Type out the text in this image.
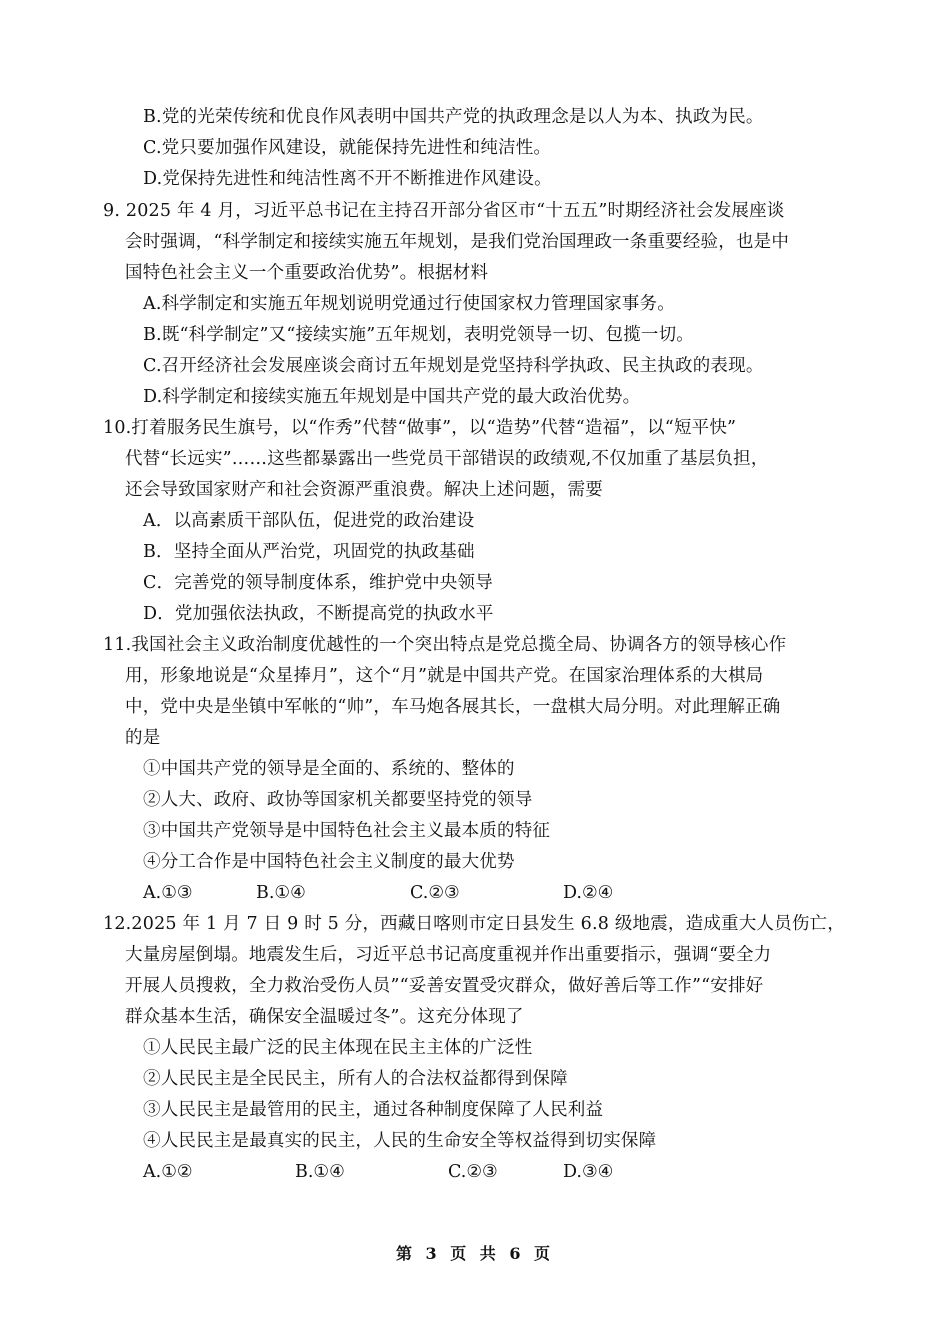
B.党的光荣传统和优良作风表明中国共产党的执政理念是以人为本、执政为民。
C.党只要加强作风建设，就能保持先进性和纯洁性。
D.党保持先进性和纯洁性离不开不断推进作风建设。
9. 2025 年 4 月，习近平总书记在主持召开部分省区市“十五五”时期经济社会发展座谈
会时强调，“科学制定和接续实施五年规划，是我们党治国理政一条重要经验，也是中
国特色社会主义一个重要政治优势”。根据材料
A.科学制定和实施五年规划说明党通过行使国家权力管理国家事务。
B.既“科学制定”又“接续实施”五年规划，表明党领导一切、包揽一切。
C.召开经济社会发展座谈会商讨五年规划是党坚持科学执政、民主执政的表现。
D.科学制定和接续实施五年规划是中国共产党的最大政治优势。
10.打着服务民生旗号，以“作秀”代替“做事”，以“造势”代替“造福”，以“短平快”
代替“长远实”……这些都暴露出一些党员干部错误的政绩观,不仅加重了基层负担，
还会导致国家财产和社会资源严重浪费。解决上述问题，需要
A．以高素质干部队伍，促进党的政治建设
B．坚持全面从严治党，巩固党的执政基础
C．完善党的领导制度体系，维护党中央领导
D．党加强依法执政，不断提高党的执政水平
11.我国社会主义政治制度优越性的一个突出特点是党总揽全局、协调各方的领导核心作
用，形象地说是“众星捧月”，这个“月”就是中国共产党。在国家治理体系的大棋局
中，党中央是坐镇中军帐的“帅”，车马炮各展其长，一盘棋大局分明。对此理解正确
的是
①中国共产党的领导是全面的、系统的、整体的
②人大、政府、政协等国家机关都要坚持党的领导
③中国共产党领导是中国特色社会主义最本质的特征
④分工合作是中国特色社会主义制度的最大优势
A.①③	B.①④	C.②③	D.②④
12.2025 年 1 月 7 日 9 时 5 分，西藏日喀则市定日县发生 6.8 级地震，造成重大人员伤亡，
大量房屋倒塌。地震发生后，习近平总书记高度重视并作出重要指示，强调“要全力
开展人员搜救，全力救治受伤人员”“妥善安置受灾群众，做好善后等工作”“安排好
群众基本生活，确保安全温暖过冬”。这充分体现了
①人民民主最广泛的民主体现在民主主体的广泛性
②人民民主是全民民主，所有人的合法权益都得到保障
③人民民主是最管用的民主，通过各种制度保障了人民利益
④人民民主是最真实的民主，人民的生命安全等权益得到切实保障
A.①②	B.①④	C.②③	D.③④
第 3 页 共 6 页
